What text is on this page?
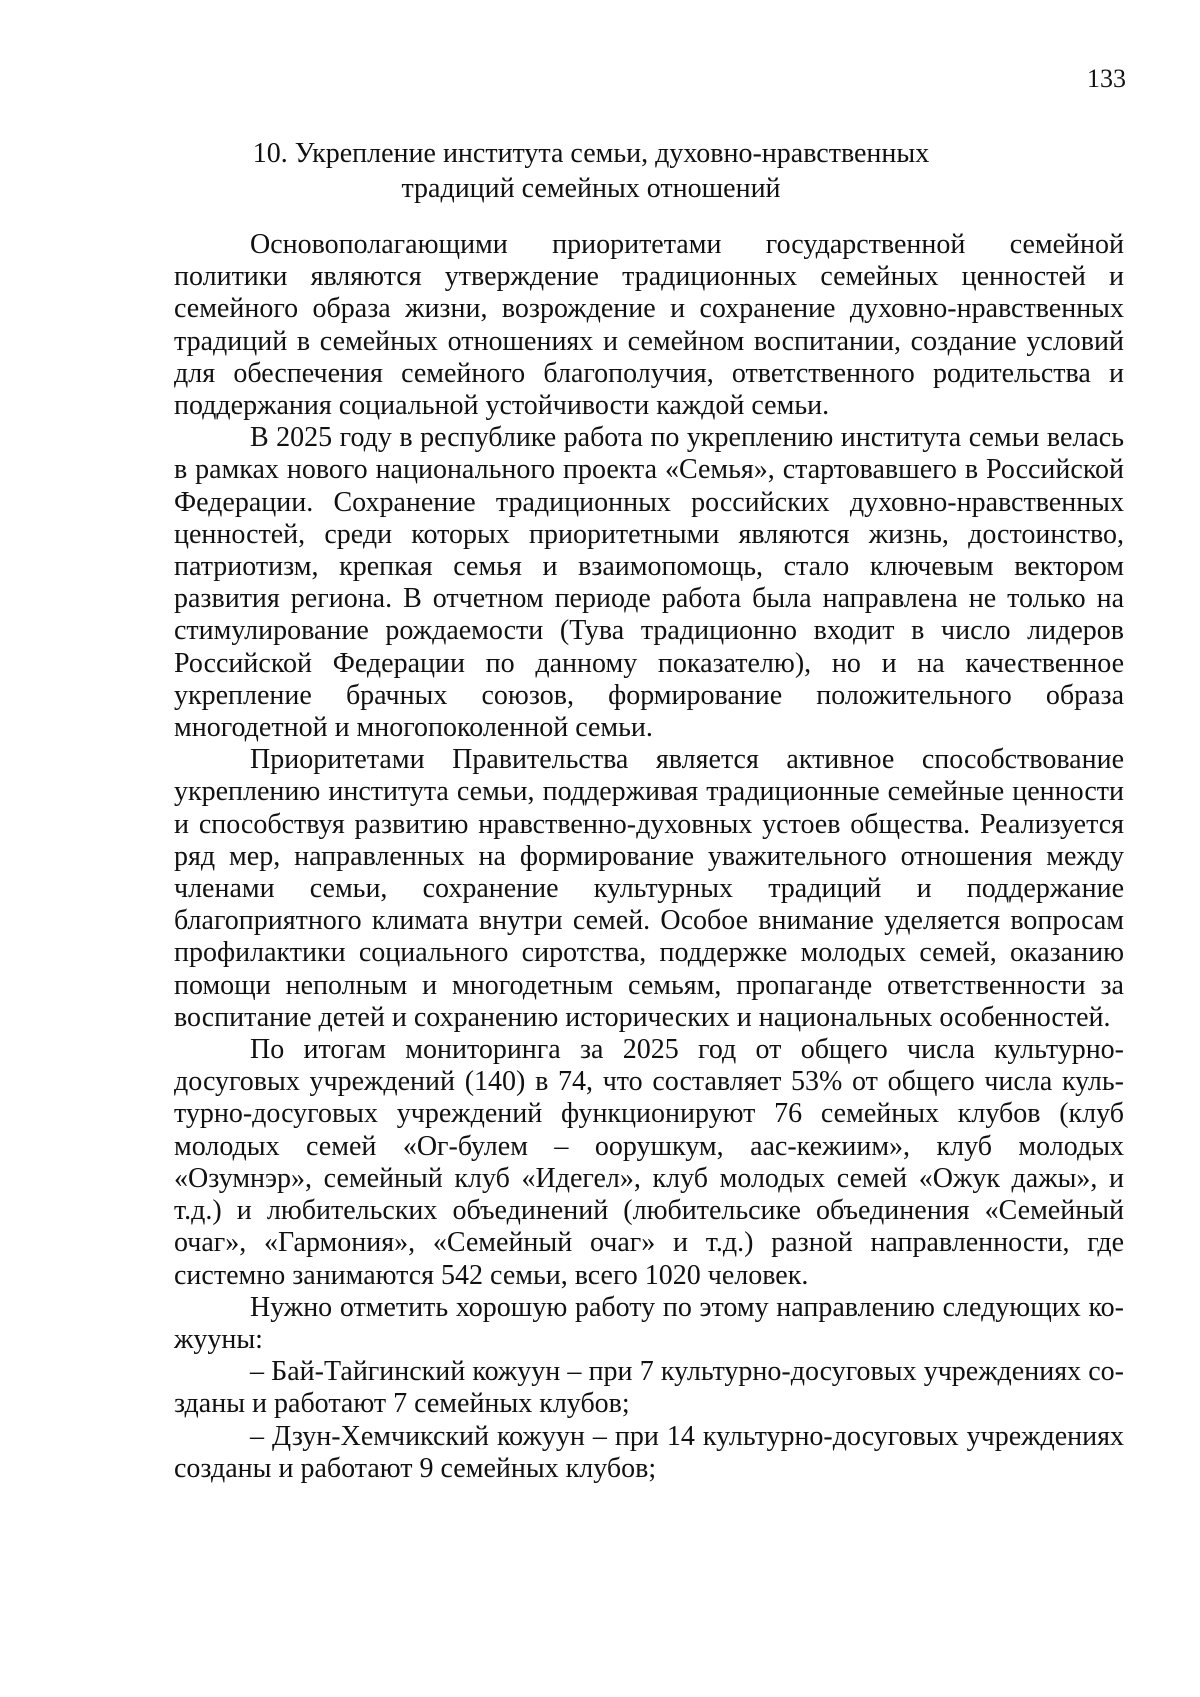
133
10. Укрепление института семьи, духовно-нравственных
традиций семейных отношений

Основополагающими приоритетами государственной семейной политики являются утверждение традиционных семейных ценностей и семейного образа жизни, возрождение и сохранение духовно-нравственных традиций в семейных отношениях и семейном воспитании, создание условий для обеспечения семейного благополучия, ответственного родительства и поддержания социальной устойчивости каждой семьи.

В 2025 году в республике работа по укреплению института семьи велась в рамках нового национального проекта «Семья», стартовавшего в Российской Федерации. Сохранение традиционных российских духовно-нравственных ценностей, среди которых приоритетными являются жизнь, достоинство, патриотизм, крепкая семья и взаимопомощь, стало ключевым вектором развития региона. В отчетном периоде работа была направлена не только на стимулирование рождаемости (Тува традиционно входит в число лидеров Российской Федерации по данному показателю), но и на качественное укрепление брачных союзов, формирование положительного образа многодетной и многопоколенной семьи.

Приоритетами Правительства является активное способствование укреплению института семьи, поддерживая традиционные семейные ценности и способствуя развитию нравственно-духовных устоев общества. Реализуется ряд мер, направленных на формирование уважительного отношения между членами семьи, сохранение культурных традиций и поддержание благоприятного климата внутри семей. Особое внимание уделяется вопросам профилактики социального сиротства, поддержке молодых семей, оказанию помощи неполным и многодетным семьям, пропаганде ответственности за воспитание детей и сохранению исторических и национальных особенностей.

По итогам мониторинга за 2025 год от общего числа культурно-досуговых учреждений (140) в 74, что составляет 53% от общего числа культурно-досуговых учреждений функционируют 76 семейных клубов (клуб молодых семей «Ог-булем – оорушкум, аас-кежиим», клуб молодых «Озумнэр», семейный клуб «Идегел», клуб молодых семей «Ожук дажы», и т.д.) и любительских объединений (любительсике объединения «Семейный очаг», «Гармония», «Семейный очаг» и т.д.) разной направленности, где системно занимаются 542 семьи, всего 1020 человек.

Нужно отметить хорошую работу по этому направлению следующих кожууны:

– Бай-Тайгинский кожуун – при 7 культурно-досуговых учреждениях созданы и работают 7 семейных клубов;

– Дзун-Хемчикский кожуун – при 14 культурно-досуговых учреждениях созданы и работают 9 семейных клубов;
